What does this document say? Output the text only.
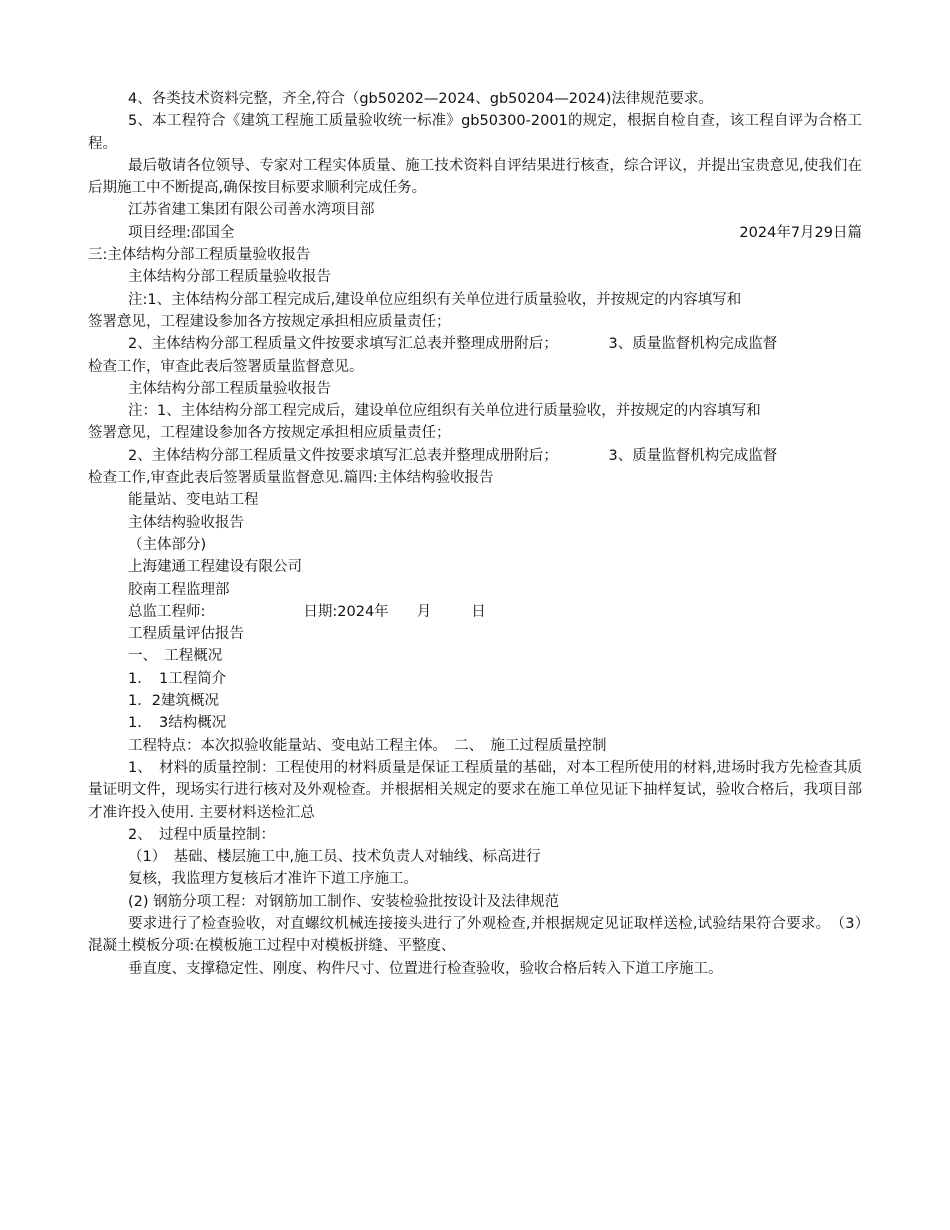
4、各类技术资料完整，齐全,符合（gb50202—2024、gb50204—2024)法律规范要求。
5、本工程符合《建筑工程施工质量验收统一标准》gb50300-2001的规定，根据自检自查，该工程自评为合格工程。
最后敬请各位领导、专家对工程实体质量、施工技术资料自评结果进行核查，综合评议，并提出宝贵意见,使我们在后期施工中不断提高,确保按目标要求顺利完成任务。
江苏省建工集团有限公司善水湾项目部
项目经理:邵国全	2024年7月29日篇
三:主体结构分部工程质量验收报告
主体结构分部工程质量验收报告
注:1、主体结构分部工程完成后,建设单位应组织有关单位进行质量验收，并按规定的内容填写和
签署意见，工程建设参加各方按规定承担相应质量责任；
2、主体结构分部工程质量文件按要求填写汇总表并整理成册附后；　　　　3、质量监督机构完成监督
检查工作，审查此表后签署质量监督意见。
主体结构分部工程质量验收报告
注：1、主体结构分部工程完成后，建设单位应组织有关单位进行质量验收，并按规定的内容填写和
签署意见，工程建设参加各方按规定承担相应质量责任；
2、主体结构分部工程质量文件按要求填写汇总表并整理成册附后；　　　　3、质量监督机构完成监督
检查工作,审查此表后签署质量监督意见.篇四:主体结构验收报告
能量站、变电站工程
主体结构验收报告
（主体部分)
上海建通工程建设有限公司
胶南工程监理部
总监工程师:	日期:2024年 月	日
工程质量评估报告
一、　工程概况
1．　1工程简介
1．2建筑概况
1．　3结构概况
工程特点：本次拟验收能量站、变电站工程主体。　二、　施工过程质量控制
1、　材料的质量控制：工程使用的材料质量是保证工程质量的基础，对本工程所使用的材料,进场时我方先检查其质量证明文件，现场实行进行核对及外观检查。并根据相关规定的要求在施工单位见证下抽样复试，验收合格后，我项目部才准许投入使用. 主要材料送检汇总
2、　过程中质量控制：
（1）　基础、楼层施工中,施工员、技术负责人对轴线、标高进行
复核，我监理方复核后才准许下道工序施工。
(2) 钢筋分项工程：对钢筋加工制作、安装检验批按设计及法律规范
要求进行了检查验收，对直螺纹机械连接接头进行了外观检查,并根据规定见证取样送检,试验结果符合要求。　（3）　混凝土模板分项:在模板施工过程中对模板拼缝、平整度、
垂直度、支撑稳定性、刚度、构件尺寸、位置进行检查验收，验收合格后转入下道工序施工。
